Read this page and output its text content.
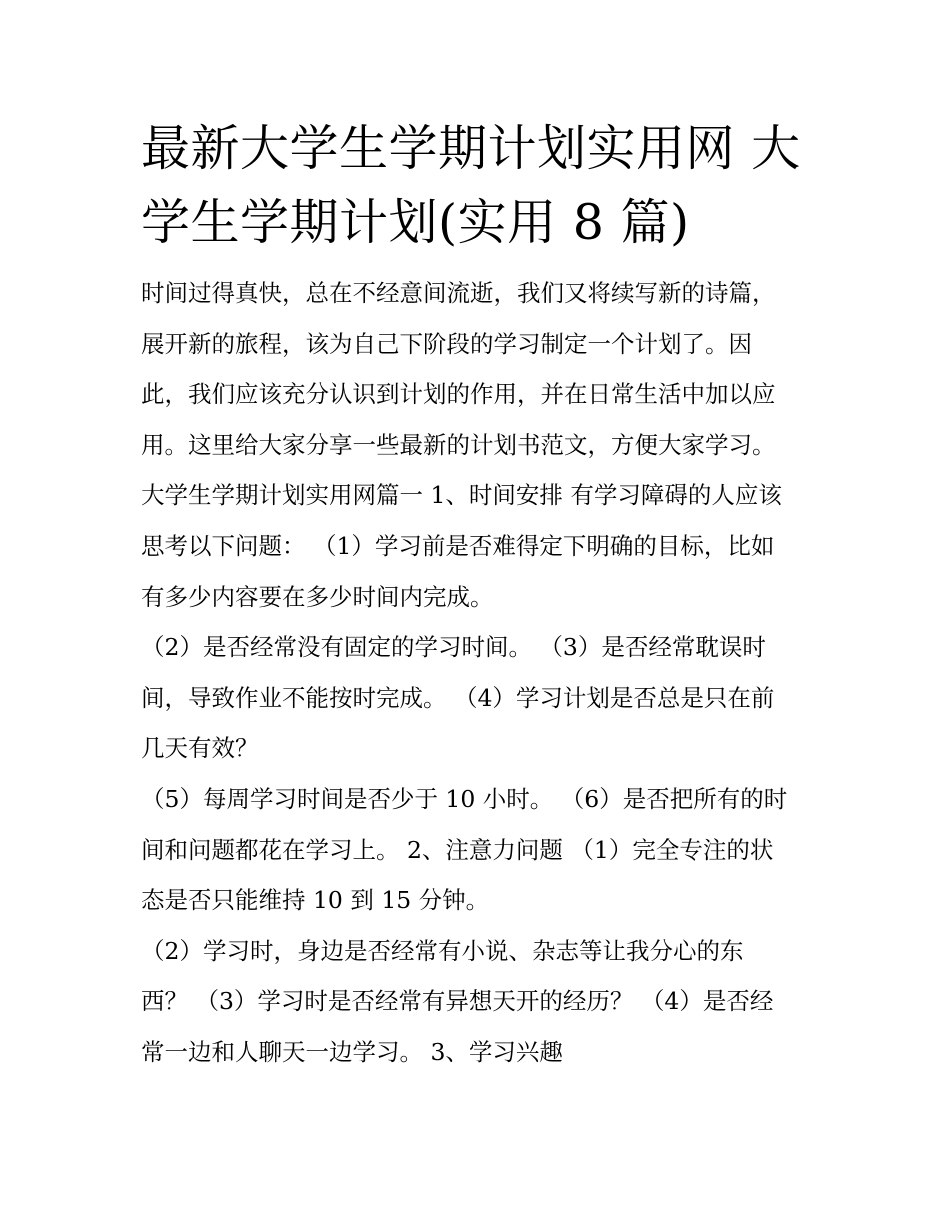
最新大学生学期计划实用网 大
学生学期计划(实用 8 篇)

时间过得真快，总在不经意间流逝，我们又将续写新的诗篇，
展开新的旅程，该为自己下阶段的学习制定一个计划了。因
此，我们应该充分认识到计划的作用，并在日常生活中加以应
用。这里给大家分享一些最新的计划书范文，方便大家学习。
大学生学期计划实用网篇一 1、时间安排 有学习障碍的人应该
思考以下问题： （1）学习前是否难得定下明确的目标，比如
有多少内容要在多少时间内完成。

（2）是否经常没有固定的学习时间。 （3）是否经常耽误时
间，导致作业不能按时完成。 （4）学习计划是否总是只在前
几天有效？

（5）每周学习时间是否少于 10 小时。 （6）是否把所有的时
间和问题都花在学习上。 2、注意力问题 （1）完全专注的状
态是否只能维持 10 到 15 分钟。

（2）学习时，身边是否经常有小说、杂志等让我分心的东
西？ （3）学习时是否经常有异想天开的经历？ （4）是否经
常一边和人聊天一边学习。 3、学习兴趣
